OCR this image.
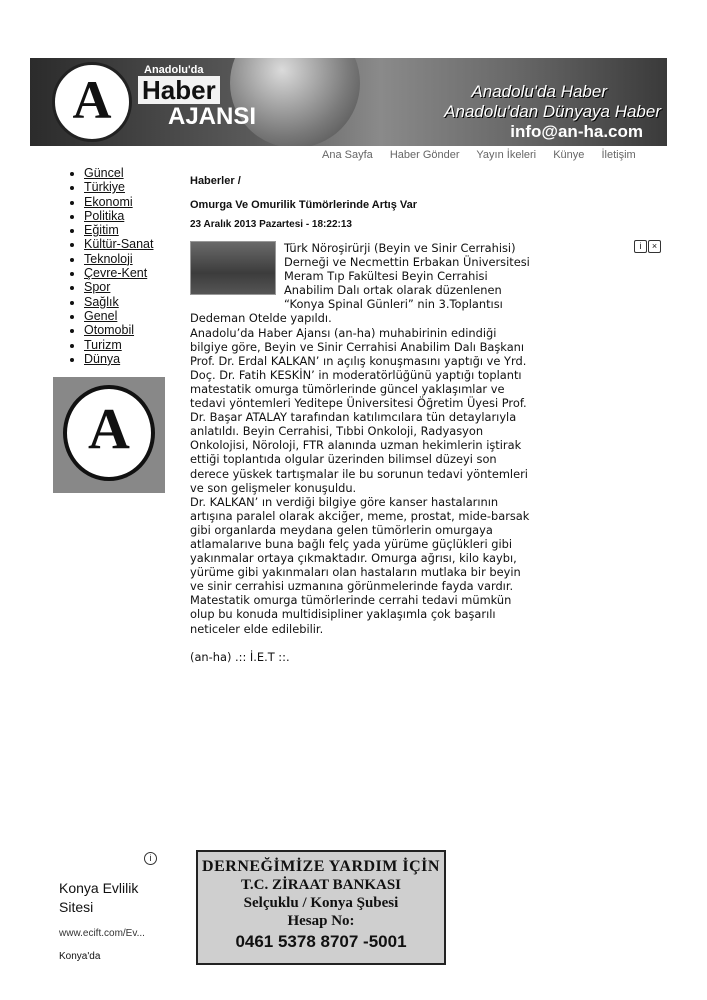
A	Anadolu'da
Haber
AJANSI
Anadolu'da Haber
Anadolu'dan Dünyaya Haber
info@an-ha.com
Ana Sayfa Haber Gönder Yayın İkeleri Künye İletişim
• Güncel
• Türkiye
• Ekonomi
• Politika
• Eğitim
• Kültür-Sanat
• Teknoloji
• Çevre-Kent
• Spor
• Sağlık
• Genel
• Otomobil
• Turizm
• Dünya
A
Haberler /
Omurga Ve Omurilik Tümörlerinde Artış Var
23 Aralık 2013 Pazartesi - 18:22:13

Türk Nöroşirürji (Beyin ve Sinir Cerrahisi) Derneği ve Necmettin Erbakan Üniversitesi Meram Tıp Fakültesi Beyin Cerrahisi Anabilim Dalı ortak olarak düzenlenen “Konya Spinal Günleri” nin 3.Toplantısı Dedeman Otelde yapıldı.

Anadolu’da Haber Ajansı (an-ha) muhabirinin edindiği bilgiye göre, Beyin ve Sinir Cerrahisi Anabilim Dalı Başkanı Prof. Dr. Erdal KALKAN’ ın açılış konuşmasını yaptığı ve Yrd. Doç. Dr. Fatih KESKİN’ in moderatörlüğünü yaptığı toplantı matestatik omurga tümörlerinde güncel yaklaşımlar ve tedavi yöntemleri Yeditepe Üniversitesi Öğretim Üyesi Prof. Dr. Başar ATALAY tarafından katılımcılara tün detaylarıyla anlatıldı. Beyin Cerrahisi, Tıbbi Onkoloji, Radyasyon Onkolojisi, Nöroloji, FTR alanında uzman hekimlerin iştirak ettiği toplantıda olgular üzerinden bilimsel düzeyi son derece yüskek tartışmalar ile bu sorunun tedavi yöntemleri ve son gelişmeler konuşuldu.

Dr. KALKAN’ ın verdiği bilgiye göre kanser hastalarının artışına paralel olarak akciğer, meme, prostat, mide-barsak gibi organlarda meydana gelen tümörlerin omurgaya atlamalarıve buna bağlı felç yada yürüme güçlükleri gibi yakınmalar ortaya çıkmaktadır. Omurga ağrısı, kilo kaybı, yürüme gibi yakınmaları olan hastaların mutlaka bir beyin ve sinir cerrahisi uzmanına görünmelerinde fayda vardır. Matestatik omurga tümörlerinde cerrahi tedavi mümkün olup bu konuda multidisipliner yaklaşımla çok başarılı neticeler elde edilebilir.

(an-ha) .:: İ.E.T ::.

i ×
i
Konya Evlilik Sitesi
www.ecift.com/Ev...
Konya'da
DERNEĞİMİZE YARDIM İÇİN
T.C. ZİRAAT BANKASI
Selçuklu / Konya Şubesi
Hesap No:
0461 5378 8707 -5001
